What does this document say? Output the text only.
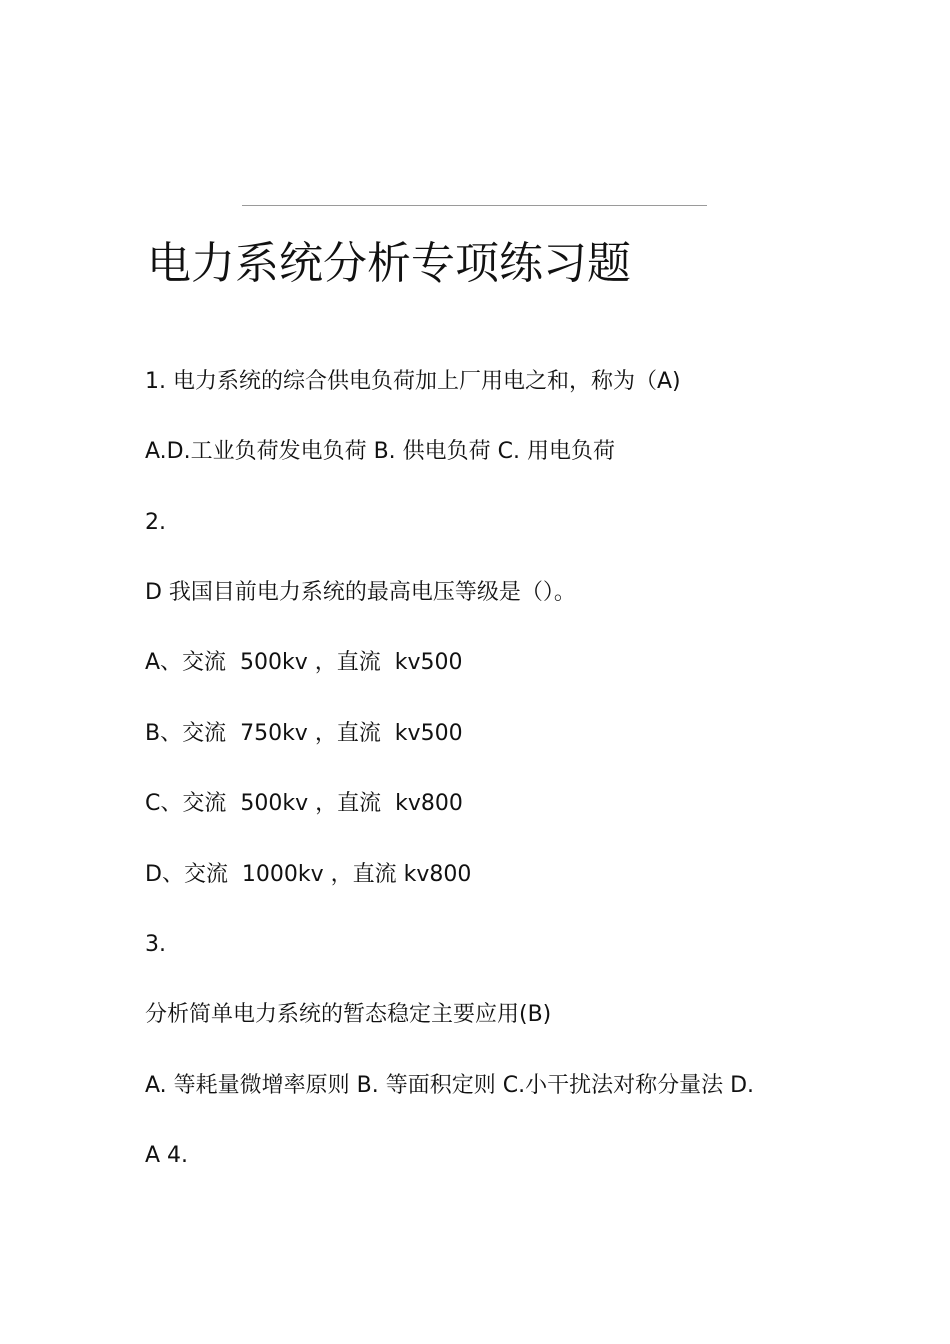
电力系统分析专项练习题

1. 电力系统的综合供电负荷加上厂用电之和，称为（A)

A.D.工业负荷发电负荷 B. 供电负荷 C. 用电负荷

2.

D 我国目前电力系统的最高电压等级是（）。

A、交流  500kv ，直流  kv500

B、交流  750kv ，直流  kv500

C、交流  500kv ，直流  kv800

D、交流  1000kv ，直流 kv800

3.

分析简单电力系统的暂态稳定主要应用(B)

A. 等耗量微增率原则 B. 等面积定则 C.小干扰法对称分量法 D.

A 4.
